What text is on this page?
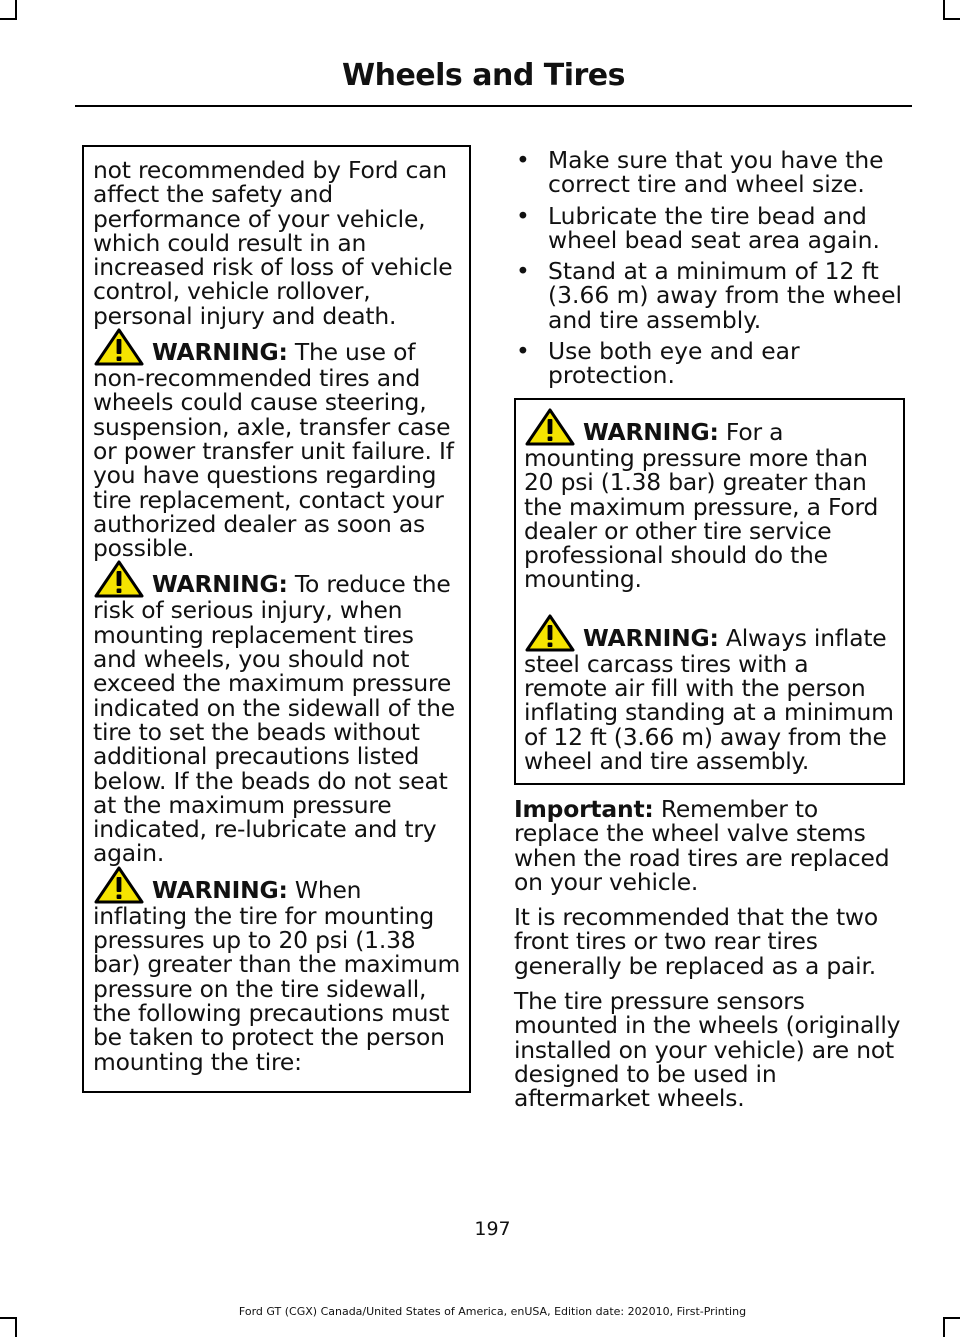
Wheels and Tires

not recommended by Ford can affect the safety and performance of your vehicle, which could result in an increased risk of loss of vehicle control, vehicle rollover, personal injury and death.

WARNING: The use of non-recommended tires and wheels could cause steering, suspension, axle, transfer case or power transfer unit failure. If you have questions regarding tire replacement, contact your authorized dealer as soon as possible.

WARNING: To reduce the risk of serious injury, when mounting replacement tires and wheels, you should not exceed the maximum pressure indicated on the sidewall of the tire to set the beads without additional precautions listed below. If the beads do not seat at the maximum pressure indicated, re-lubricate and try again.

WARNING: When inflating the tire for mounting pressures up to 20 psi (1.38 bar) greater than the maximum pressure on the tire sidewall, the following precautions must be taken to protect the person mounting the tire:

• Make sure that you have the correct tire and wheel size.
• Lubricate the tire bead and wheel bead seat area again.
• Stand at a minimum of 12 ft (3.66 m) away from the wheel and tire assembly.
• Use both eye and ear protection.

WARNING: For a mounting pressure more than 20 psi (1.38 bar) greater than the maximum pressure, a Ford dealer or other tire service professional should do the mounting.

WARNING: Always inflate steel carcass tires with a remote air fill with the person inflating standing at a minimum of 12 ft (3.66 m) away from the wheel and tire assembly.

Important: Remember to replace the wheel valve stems when the road tires are replaced on your vehicle.

It is recommended that the two front tires or two rear tires generally be replaced as a pair.

The tire pressure sensors mounted in the wheels (originally installed on your vehicle) are not designed to be used in aftermarket wheels.

197
Ford GT (CGX) Canada/United States of America, enUSA, Edition date: 202010, First-Printing
